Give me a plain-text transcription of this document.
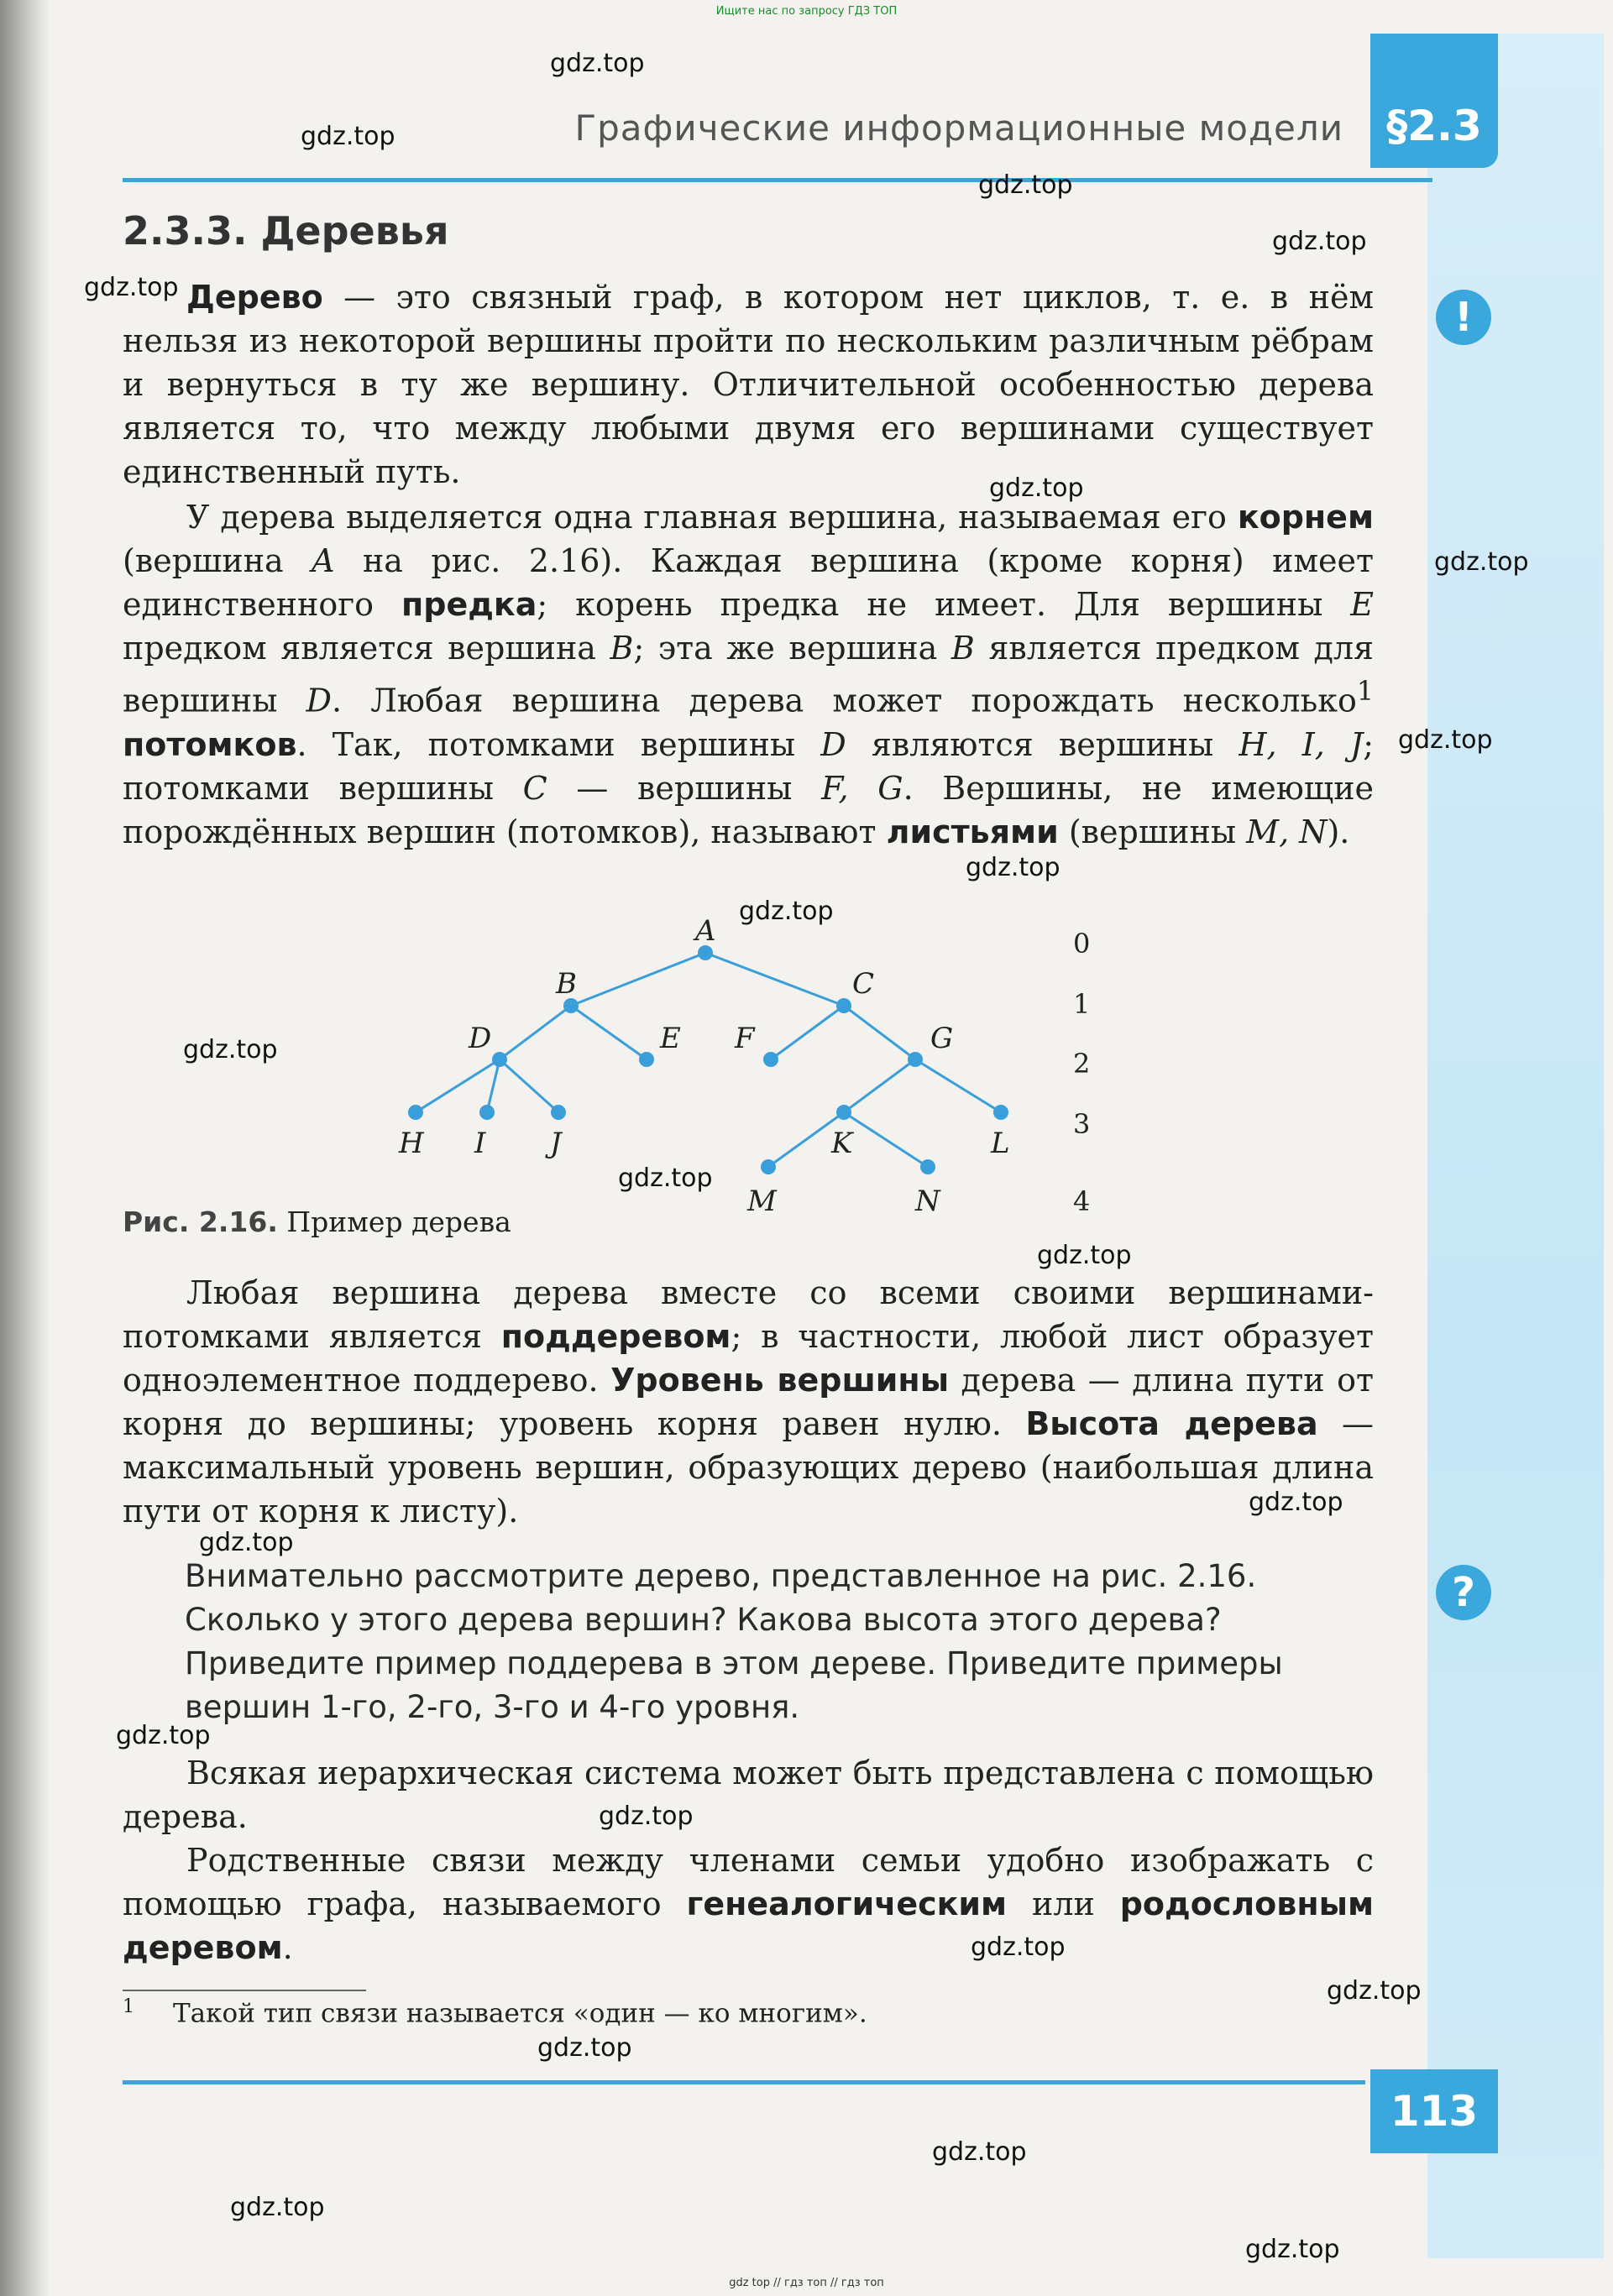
Ищите нас по запросу ГДЗ ТОП
§2.3
Графические информационные модели
!
?
2.3.3. Деревья

Дерево — это связный граф, в котором нет циклов, т. е. в нём нельзя из некоторой вершины пройти по нескольким различным рёбрам и вернуться в ту же вершину. Отличительной особенностью дерева является то, что между любыми двумя его вершинами существует единственный путь.

У дерева выделяется одна главная вершина, называемая его корнем (вершина A на рис. 2.16). Каждая вершина (кроме корня) имеет единственного предка; корень предка не имеет. Для вершины E предком является вершина B; эта же вершина B является предком для вершины D. Любая вершина дерева может порождать несколько$^1$ потомков. Так, потомками вершины D являются вершины H, I, J; потомками вершины C — вершины F, G. Вершины, не имеющие порождённых вершин (потомков), называют листьями (вершины M, N).

A
B	C
D	E F	G
H I J	K	L
M	N
0
1
2
3
4
Рис. 2.16. Пример дерева

Любая вершина дерева вместе со всеми своими вершинами-потомками является поддеревом; в частности, любой лист образует одноэлементное поддерево. Уровень вершины дерева — длина пути от корня до вершины; уровень корня равен нулю. Высота дерева — максимальный уровень вершин, образующих дерево (наибольшая длина пути от корня к листу).

Внимательно рассмотрите дерево, представленное на рис. 2.16. Сколько у этого дерева вершин? Какова высота этого дерева? Приведите пример поддерева в этом дереве. Приведите примеры вершин 1-го, 2-го, 3-го и 4-го уровня.

Всякая иерархическая система может быть представлена с помощью дерева.

Родственные связи между членами семьи удобно изображать с помощью графа, называемого генеалогическим или родословным деревом.

$^1$ Такой тип связи называется «один — ко многим».
113
gdz.top
gdz.top
gdz.top
gdz.top
gdz.top
gdz.top
gdz.top
gdz.top
gdz.top
gdz.top
gdz.top
gdz.top
gdz.top
gdz.top
gdz.top
gdz.top
gdz.top
gdz.top
gdz.top
gdz.top
gdz.top
gdz.top
gdz.top
gdz top // гдз топ // гдз топ
